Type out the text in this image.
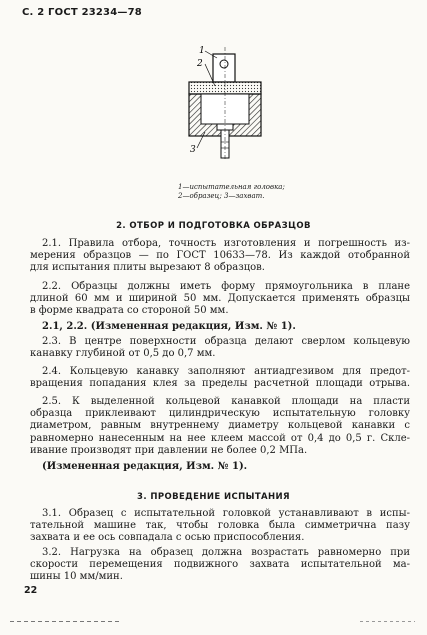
С. 2 ГОСТ 23234—78
1
2
3
1—испытательная головка;
2—образец; 3—захват.
2. ОТБОР И ПОДГОТОВКА ОБРАЗЦОВ
2.1. Правила отбора, точность изготовления и погрешность из-
мерения образцов — по ГОСТ 10633—78. Из каждой отобранной
для испытания плиты вырезают 8 образцов.
2.2. Образцы должны иметь форму прямоугольника в плане
длиной 60 мм и шириной 50 мм. Допускается применять образцы
в форме квадрата со стороной 50 мм.
2.1, 2.2. (Измененная редакция, Изм. № 1).
2.3. В центре поверхности образца делают сверлом кольцевую
канавку глубиной от 0,5 до 0,7 мм.
2.4. Кольцевую канавку заполняют антиадгезивом для предот-
вращения попадания клея за пределы расчетной площади отрыва.
2.5. К выделенной кольцевой канавкой площади на пласти
образца приклеивают цилиндрическую испытательную головку
диаметром, равным внутреннему диаметру кольцевой канавки с
равномерно нанесенным на нее клеем массой от 0,4 до 0,5 г. Скле-
ивание производят при давлении не более 0,2 МПа.
(Измененная редакция, Изм. № 1).
3. ПРОВЕДЕНИЕ ИСПЫТАНИЯ
3.1. Образец с испытательной головкой устанавливают в испы-
тательной машине так, чтобы головка была симметрична пазу
захвата и ее ось совпадала с осью приспособления.
3.2. Нагрузка на образец должна возрастать равномерно при
скорости перемещения подвижного захвата испытательной ма-
шины 10 мм/мин.
22
